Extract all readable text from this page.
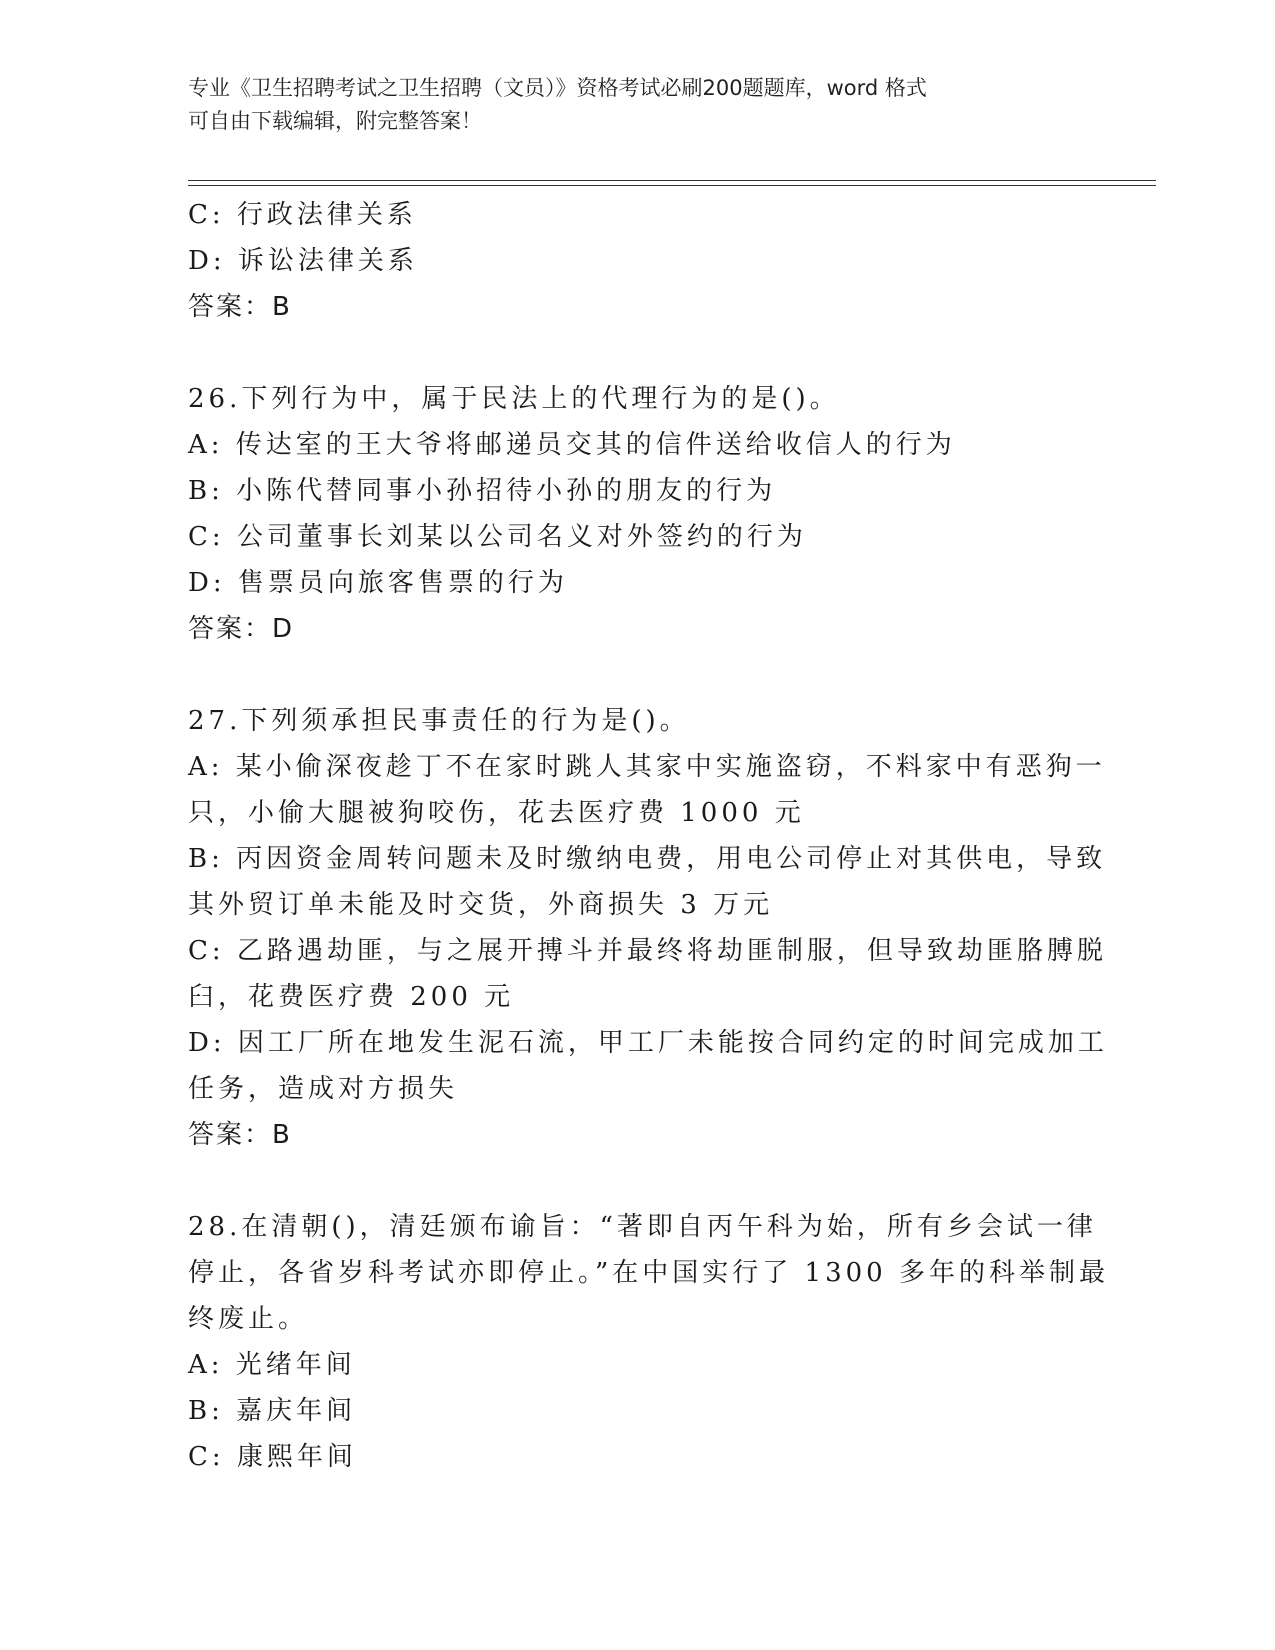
专业《卫生招聘考试之卫生招聘（文员）》资格考试必刷200题题库，word 格式
可自由下载编辑，附完整答案！
C: 行政法律关系
D: 诉讼法律关系
答案：B
26.下列行为中，属于民法上的代理行为的是()。
A: 传达室的王大爷将邮递员交其的信件送给收信人的行为
B: 小陈代替同事小孙招待小孙的朋友的行为
C: 公司董事长刘某以公司名义对外签约的行为
D: 售票员向旅客售票的行为
答案：D
27.下列须承担民事责任的行为是()。
A: 某小偷深夜趁丁不在家时跳人其家中实施盗窃，不料家中有恶狗一
只，小偷大腿被狗咬伤，花去医疗费 1000 元
B: 丙因资金周转问题未及时缴纳电费，用电公司停止对其供电，导致
其外贸订单未能及时交货，外商损失 3 万元
C: 乙路遇劫匪，与之展开搏斗并最终将劫匪制服，但导致劫匪胳膊脱
臼，花费医疗费 200 元
D: 因工厂所在地发生泥石流，甲工厂未能按合同约定的时间完成加工
任务，造成对方损失
答案：B
28.在清朝()，清廷颁布谕旨：“著即自丙午科为始，所有乡会试一律
停止，各省岁科考试亦即停止。”在中国实行了 1300 多年的科举制最
终废止。
A: 光绪年间
B: 嘉庆年间
C: 康熙年间
